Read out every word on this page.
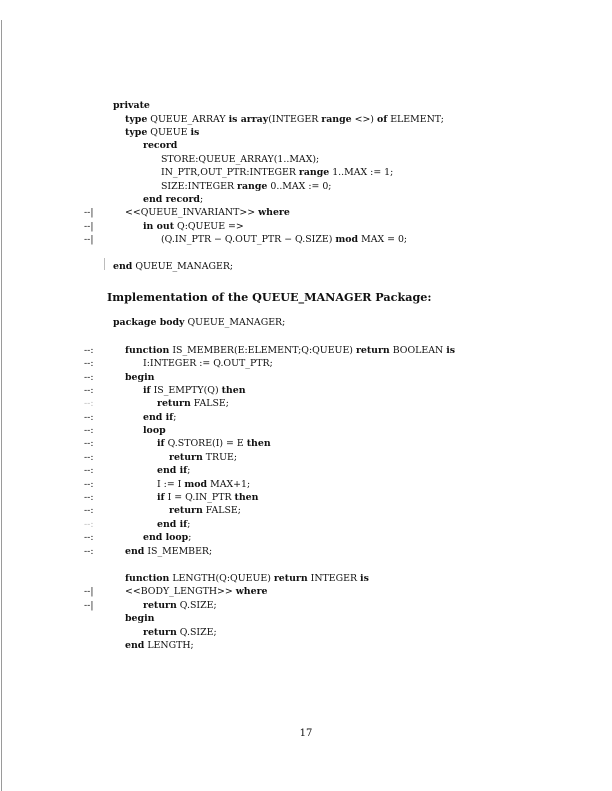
private
type QUEUE_ARRAY is array(INTEGER range <>) of ELEMENT;
type QUEUE is
record
STORE:QUEUE_ARRAY(1..MAX);
IN_PTR,OUT_PTR:INTEGER range 1..MAX := 1;
SIZE:INTEGER range 0..MAX := 0;
end record;
--|	<<QUEUE_INVARIANT>> where
--|	in out Q:QUEUE =>
--|	(Q.IN_PTR − Q.OUT_PTR − Q.SIZE) mod MAX = 0;
end QUEUE_MANAGER;
package body QUEUE_MANAGER;
--:	function IS_MEMBER(E:ELEMENT;Q:QUEUE) return BOOLEAN is
--:	I:INTEGER := Q.OUT_PTR;
--:	begin
--:	if IS_EMPTY(Q) then
--:	return FALSE;
--:	end if;
--:	loop
--:	if Q.STORE(I) = E then
--:	return TRUE;
--:	end if;
--:	I := I mod MAX+1;
--:	if I = Q.IN_PTR then
--:	return FALSE;
--:	end if;
--:	end loop;
--:	end IS_MEMBER;
function LENGTH(Q:QUEUE) return INTEGER is
--|	<<BODY_LENGTH>> where
--|	return Q.SIZE;
begin
return Q.SIZE;
end LENGTH;
Implementation of the QUEUE_MANAGER Package:
17
